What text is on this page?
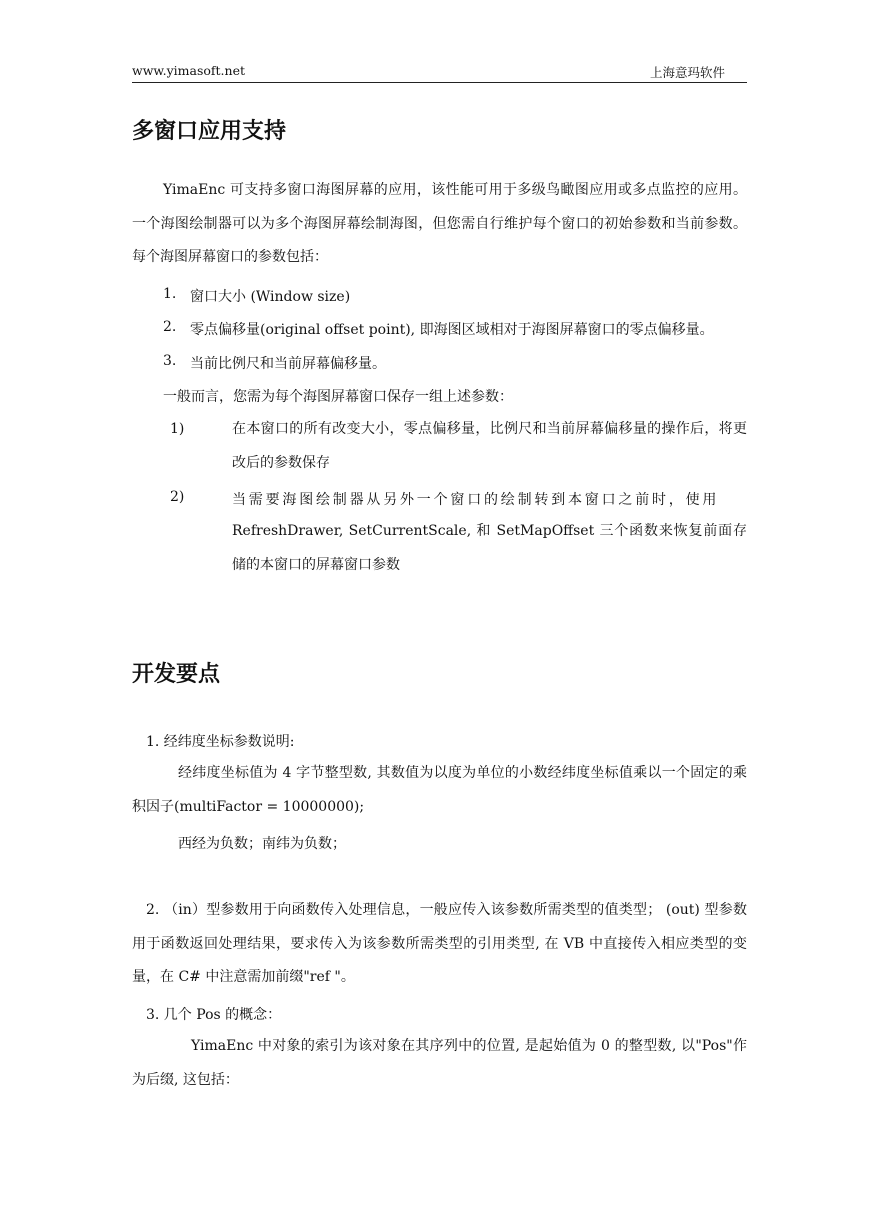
www.yimasoft.net	上海意玛软件
多窗口应用支持

YimaEnc 可支持多窗口海图屏幕的应用，该性能可用于多级鸟瞰图应用或多点监控的应用。一个海图绘制器可以为多个海图屏幕绘制海图，但您需自行维护每个窗口的初始参数和当前参数。每个海图屏幕窗口的参数包括：

1. 窗口大小 (Window size)
2. 零点偏移量(original offset point), 即海图区域相对于海图屏幕窗口的零点偏移量。
3. 当前比例尺和当前屏幕偏移量。
一般而言，您需为每个海图屏幕窗口保存一组上述参数：
1)	在本窗口的所有改变大小，零点偏移量，比例尺和当前屏幕偏移量的操作后，将更改后的参数保存

2)	当需要海图绘制器从另外一个窗口的绘制转到本窗口之前时，使用

RefreshDrawer, SetCurrentScale, 和 SetMapOffset 三个函数来恢复前面存储的本窗口的屏幕窗口参数

开发要点
1. 经纬度坐标参数说明:

经纬度坐标值为 4 字节整型数, 其数值为以度为单位的小数经纬度坐标值乘以一个固定的乘积因子(multiFactor = 10000000);

西经为负数；南纬为负数；

2. （in）型参数用于向函数传入处理信息，一般应传入该参数所需类型的值类型； (out) 型参数用于函数返回处理结果，要求传入为该参数所需类型的引用类型, 在 VB 中直接传入相应类型的变量，在 C# 中注意需加前缀"ref "。

3. 几个 Pos 的概念：

YimaEnc 中对象的索引为该对象在其序列中的位置, 是起始值为 0 的整型数, 以"Pos"作为后缀, 这包括：
